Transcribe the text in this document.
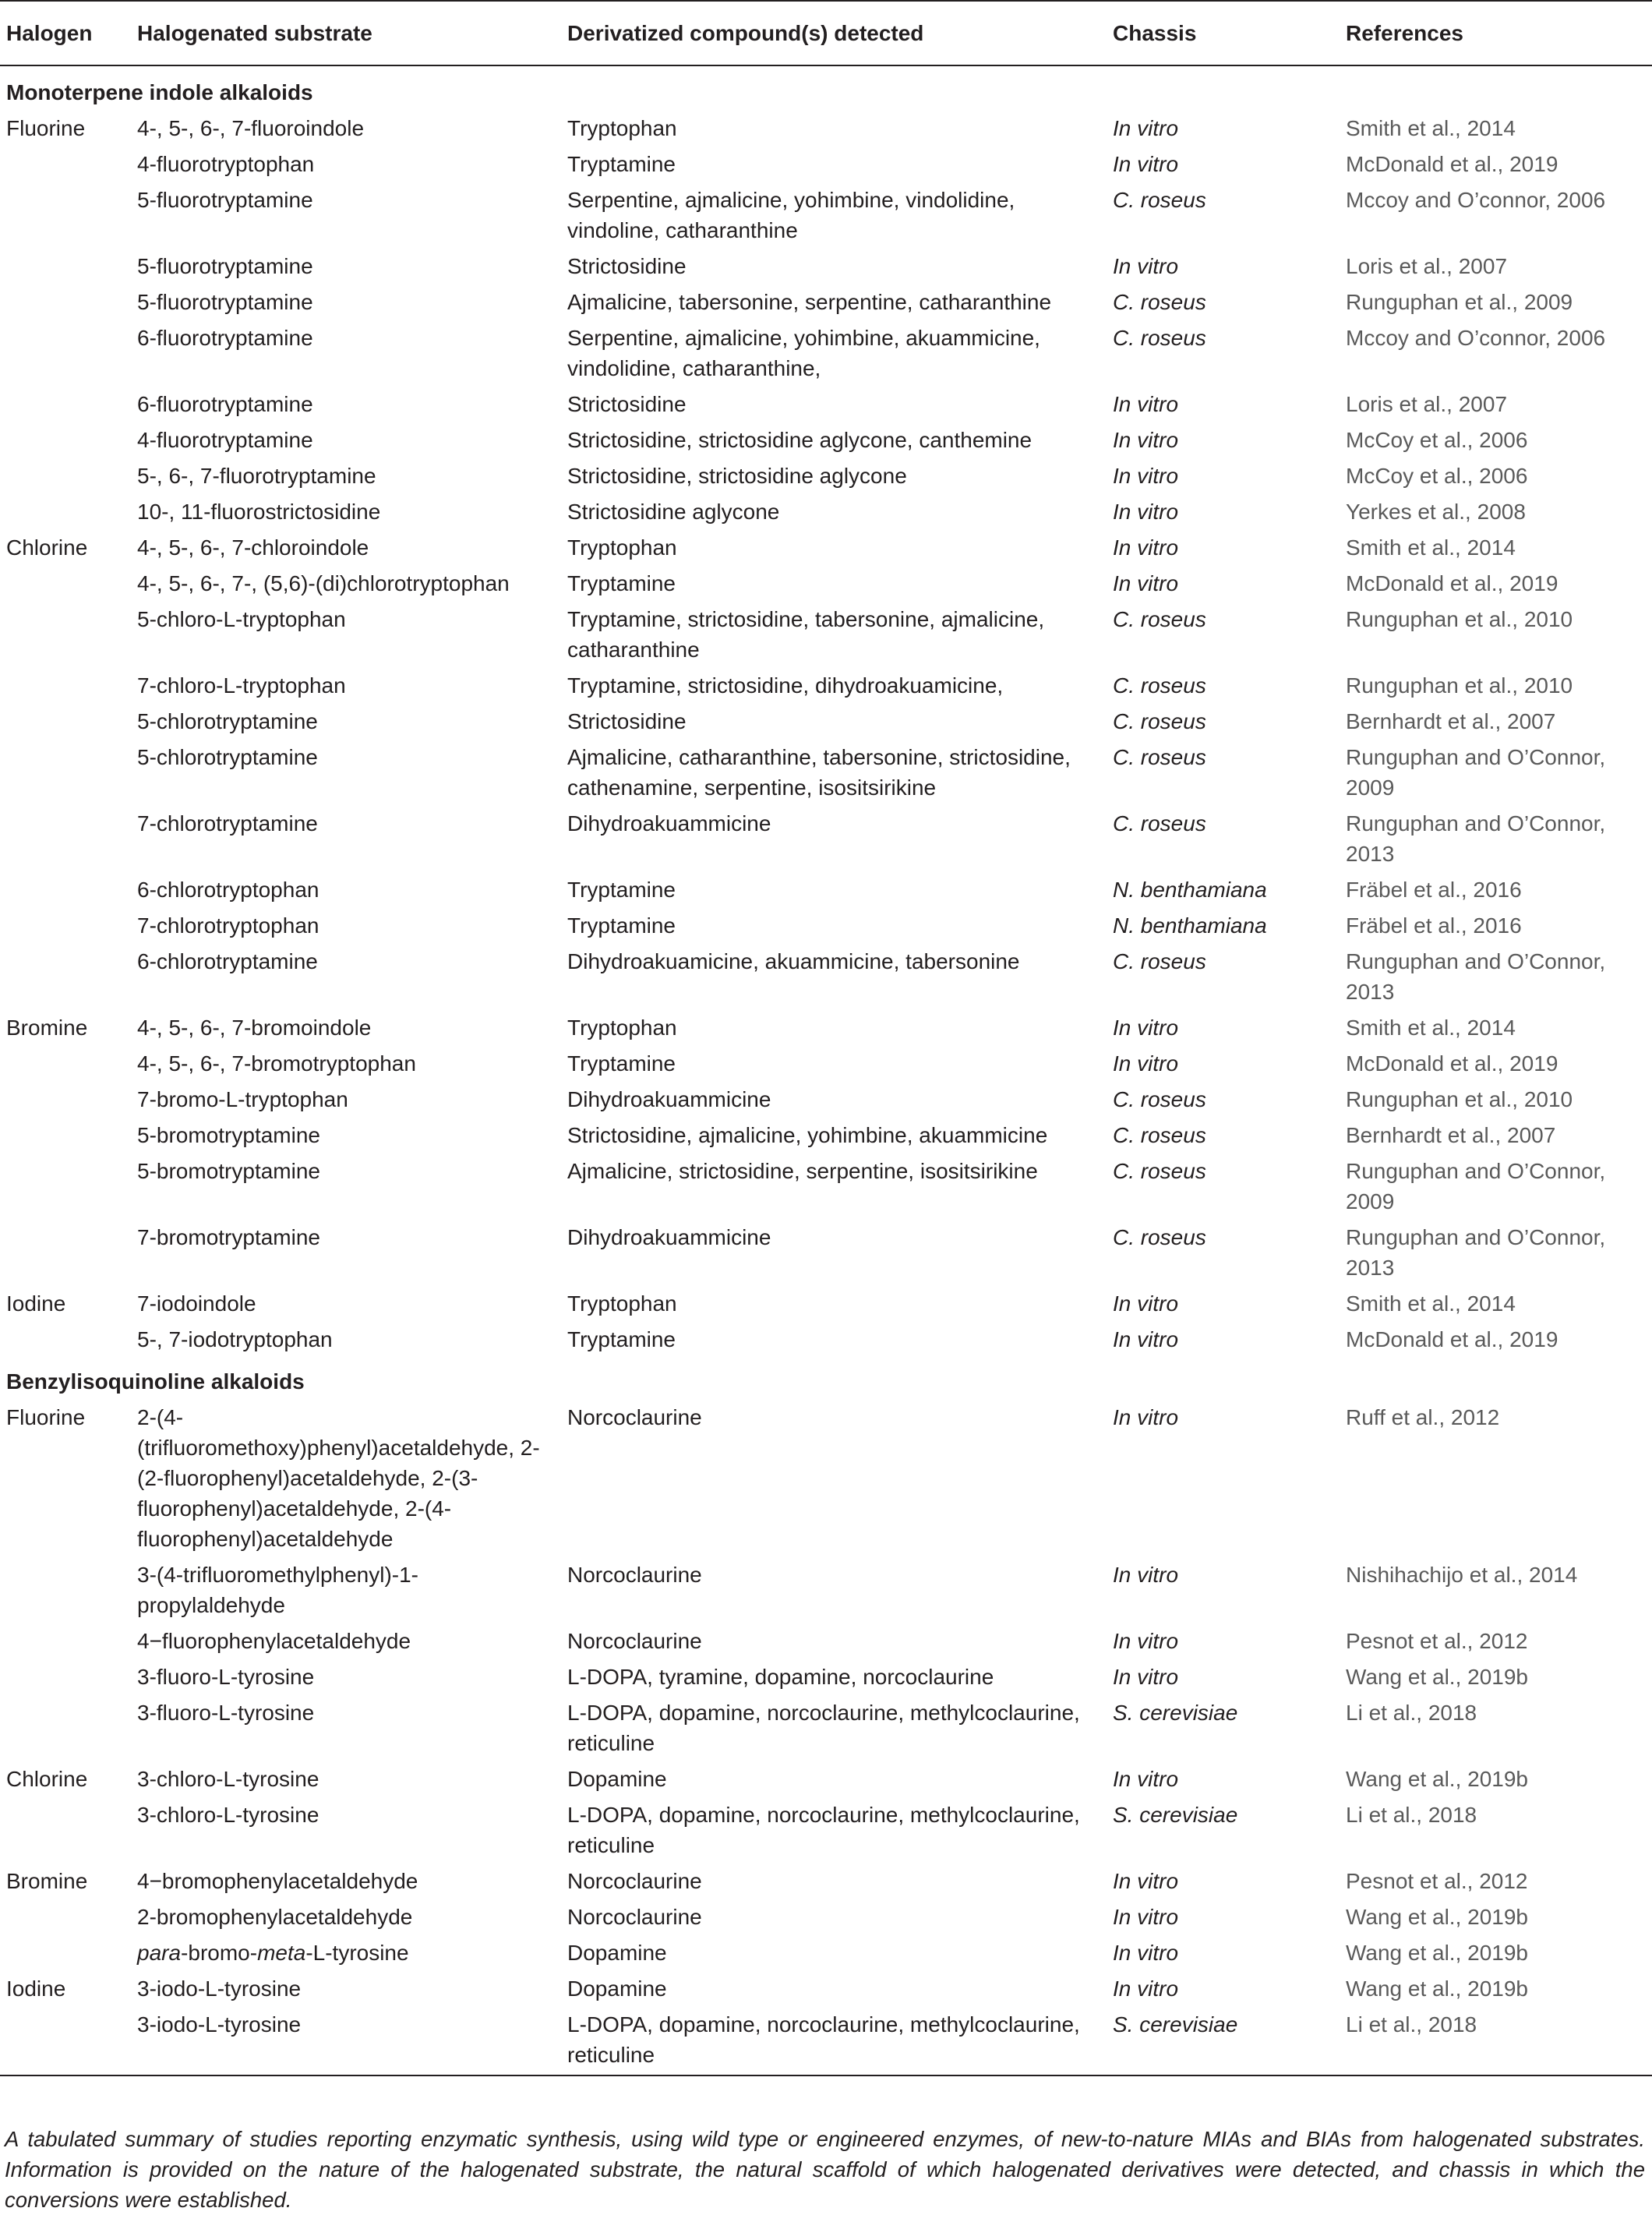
Halogen	Halogenated substrate	Derivatized compound(s) detected	Chassis	References
Monoterpene indole alkaloids				
Fluorine	4-, 5-, 6-, 7-fluoroindole	Tryptophan	In vitro	Smith et al., 2014
	4-fluorotryptophan	Tryptamine	In vitro	McDonald et al., 2019
	5-fluorotryptamine	Serpentine, ajmalicine, yohimbine, vindolidine, vindoline, catharanthine	C. roseus	Mccoy and O’connor, 2006
	5-fluorotryptamine	Strictosidine	In vitro	Loris et al., 2007
	5-fluorotryptamine	Ajmalicine, tabersonine, serpentine, catharanthine	C. roseus	Runguphan et al., 2009
	6-fluorotryptamine	Serpentine, ajmalicine, yohimbine, akuammicine, vindolidine, catharanthine,	C. roseus	Mccoy and O’connor, 2006
	6-fluorotryptamine	Strictosidine	In vitro	Loris et al., 2007
	4-fluorotryptamine	Strictosidine, strictosidine aglycone, canthemine	In vitro	McCoy et al., 2006
	5-, 6-, 7-fluorotryptamine	Strictosidine, strictosidine aglycone	In vitro	McCoy et al., 2006
	10-, 11-fluorostrictosidine	Strictosidine aglycone	In vitro	Yerkes et al., 2008
Chlorine	4-, 5-, 6-, 7-chloroindole	Tryptophan	In vitro	Smith et al., 2014
	4-, 5-, 6-, 7-, (5,6)-(di)chlorotryptophan	Tryptamine	In vitro	McDonald et al., 2019
	5-chloro-L-tryptophan	Tryptamine, strictosidine, tabersonine, ajmalicine, catharanthine	C. roseus	Runguphan et al., 2010
	7-chloro-L-tryptophan	Tryptamine, strictosidine, dihydroakuamicine,	C. roseus	Runguphan et al., 2010
	5-chlorotryptamine	Strictosidine	C. roseus	Bernhardt et al., 2007
	5-chlorotryptamine	Ajmalicine, catharanthine, tabersonine, strictosidine, cathenamine, serpentine, isositsirikine	C. roseus	Runguphan and O’Connor, 2009
	7-chlorotryptamine	Dihydroakuammicine	C. roseus	Runguphan and O’Connor, 2013
	6-chlorotryptophan	Tryptamine	N. benthamiana	Fräbel et al., 2016
	7-chlorotryptophan	Tryptamine	N. benthamiana	Fräbel et al., 2016
	6-chlorotryptamine	Dihydroakuamicine, akuammicine, tabersonine	C. roseus	Runguphan and O’Connor, 2013
Bromine	4-, 5-, 6-, 7-bromoindole	Tryptophan	In vitro	Smith et al., 2014
	4-, 5-, 6-, 7-bromotryptophan	Tryptamine	In vitro	McDonald et al., 2019
	7-bromo-L-tryptophan	Dihydroakuammicine	C. roseus	Runguphan et al., 2010
	5-bromotryptamine	Strictosidine, ajmalicine, yohimbine, akuammicine	C. roseus	Bernhardt et al., 2007
	5-bromotryptamine	Ajmalicine, strictosidine, serpentine, isositsirikine	C. roseus	Runguphan and O’Connor, 2009
	7-bromotryptamine	Dihydroakuammicine	C. roseus	Runguphan and O’Connor, 2013
Iodine	7-iodoindole	Tryptophan	In vitro	Smith et al., 2014
	5-, 7-iodotryptophan	Tryptamine	In vitro	McDonald et al., 2019
Benzylisoquinoline alkaloids				
Fluorine	2-(4-(trifluoromethoxy)phenyl)acetaldehyde, 2-(2-fluorophenyl)acetaldehyde, 2-(3-fluorophenyl)acetaldehyde, 2-(4-fluorophenyl)acetaldehyde	Norcoclaurine	In vitro	Ruff et al., 2012
	3-(4-trifluoromethylphenyl)-1-propylaldehyde	Norcoclaurine	In vitro	Nishihachijo et al., 2014
	4−fluorophenylacetaldehyde	Norcoclaurine	In vitro	Pesnot et al., 2012
	3-fluoro-L-tyrosine	L-DOPA, tyramine, dopamine, norcoclaurine	In vitro	Wang et al., 2019b
	3-fluoro-L-tyrosine	L-DOPA, dopamine, norcoclaurine, methylcoclaurine, reticuline	S. cerevisiae	Li et al., 2018
Chlorine	3-chloro-L-tyrosine	Dopamine	In vitro	Wang et al., 2019b
	3-chloro-L-tyrosine	L-DOPA, dopamine, norcoclaurine, methylcoclaurine, reticuline	S. cerevisiae	Li et al., 2018
Bromine	4−bromophenylacetaldehyde	Norcoclaurine	In vitro	Pesnot et al., 2012
	2-bromophenylacetaldehyde	Norcoclaurine	In vitro	Wang et al., 2019b
	para-bromo-meta-L-tyrosine	Dopamine	In vitro	Wang et al., 2019b
Iodine	3-iodo-L-tyrosine	Dopamine	In vitro	Wang et al., 2019b
	3-iodo-L-tyrosine	L-DOPA, dopamine, norcoclaurine, methylcoclaurine, reticuline	S. cerevisiae	Li et al., 2018
A tabulated summary of studies reporting enzymatic synthesis, using wild type or engineered enzymes, of new-to-nature MIAs and BIAs from halogenated substrates. Information is provided on the nature of the halogenated substrate, the natural scaffold of which halogenated derivatives were detected, and chassis in which the conversions were established.
